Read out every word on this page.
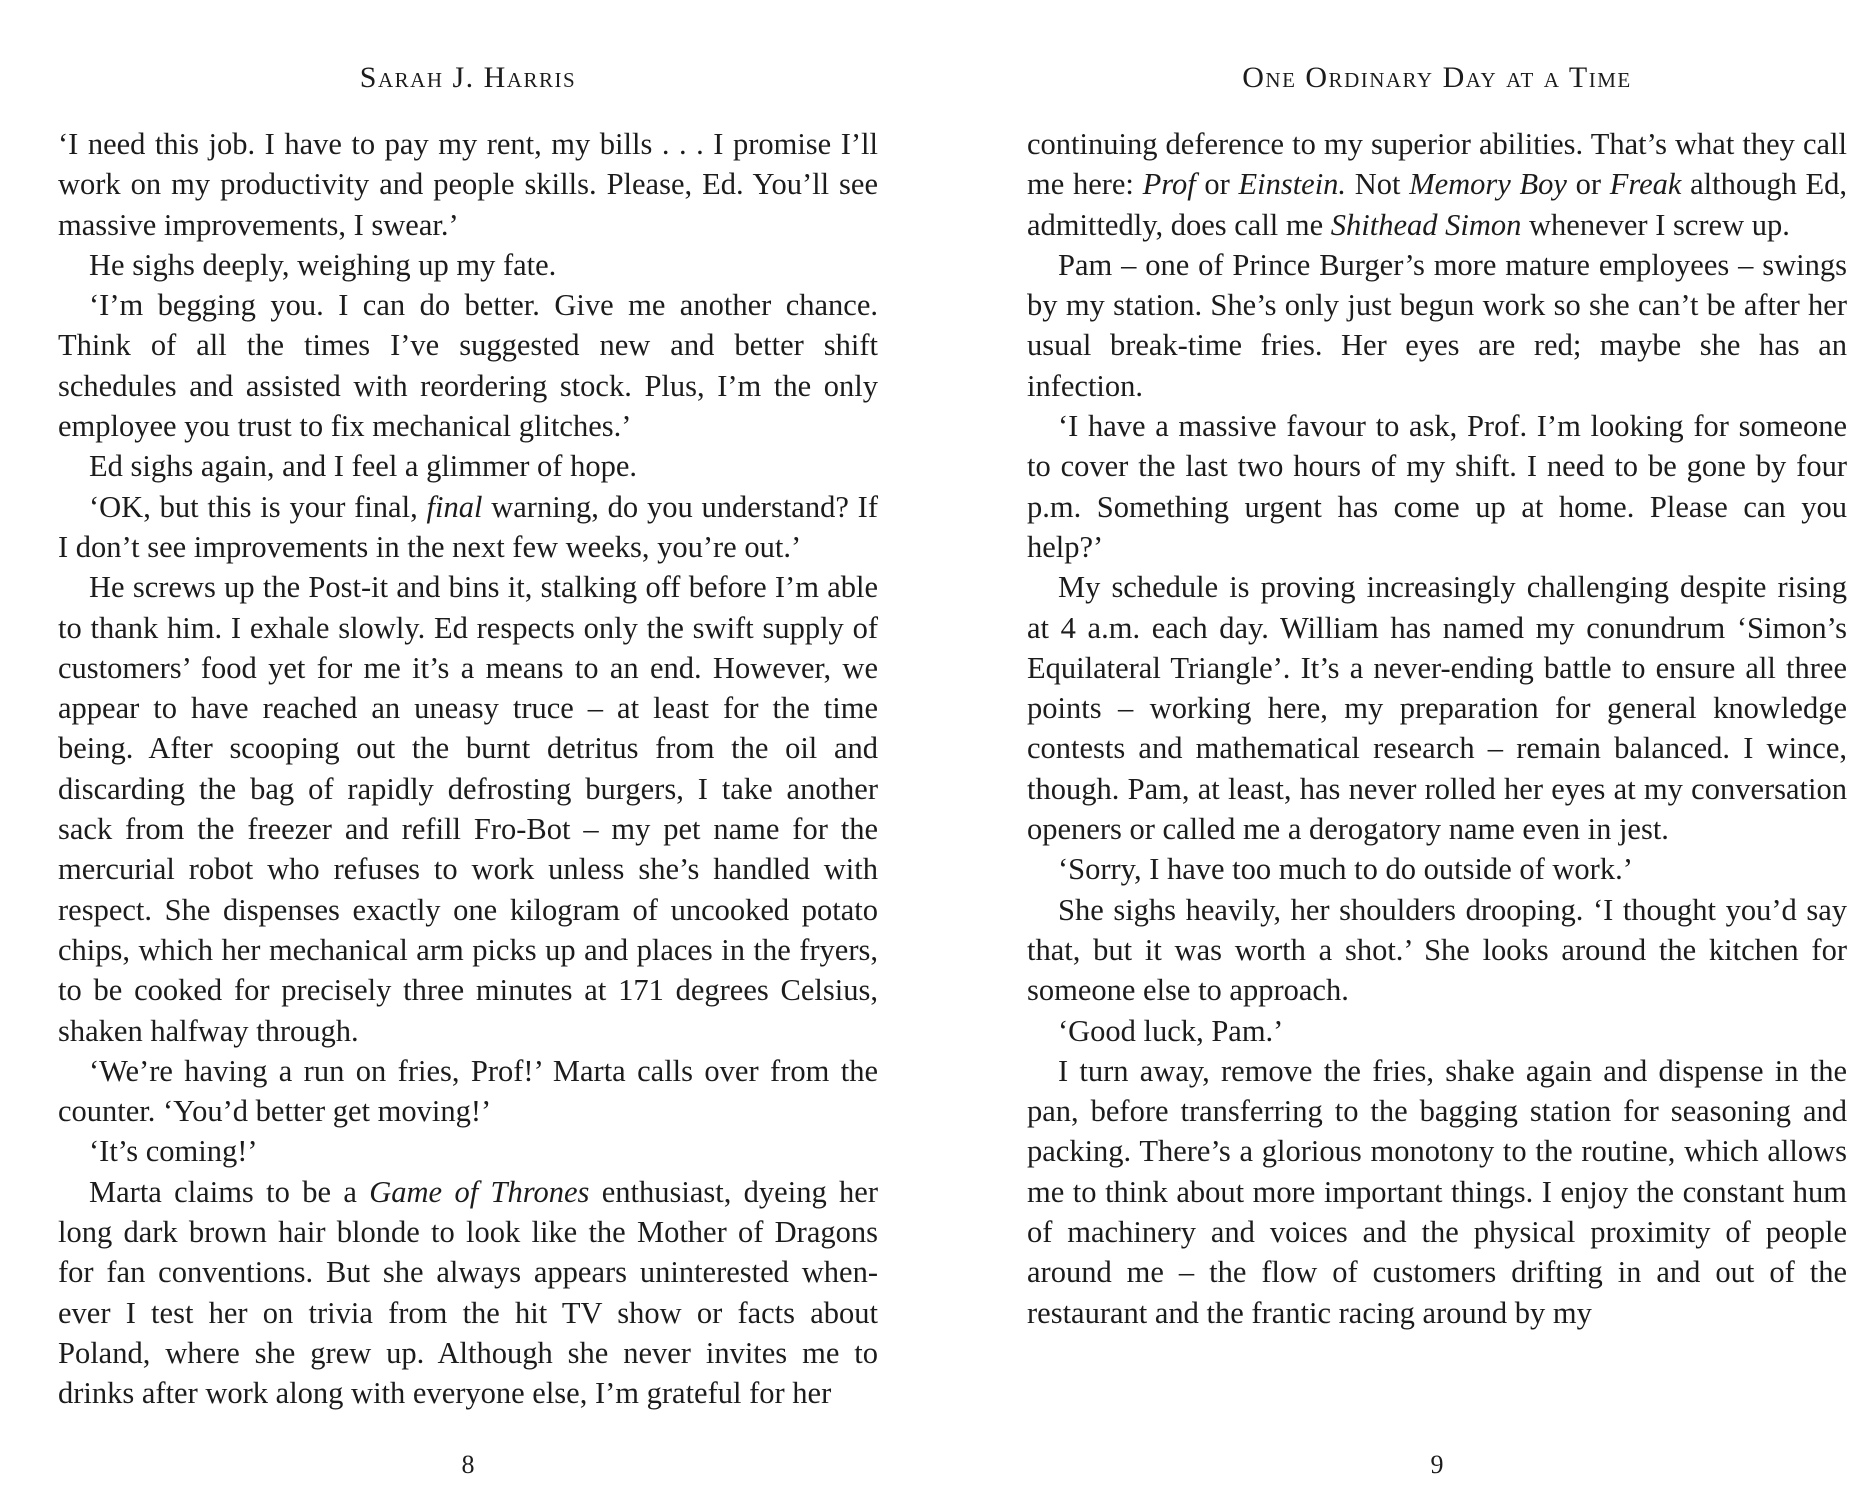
Sarah J. Harris

‘I need this job. I have to pay my rent, my bills . . . I promise I’ll work on my productivity and people skills. Please, Ed. You’ll see massive improvements, I swear.’

He sighs deeply, weighing up my fate.

‘I’m begging you. I can do better. Give me another chance. Think of all the times I’ve suggested new and better shift schedules and assisted with reordering stock. Plus, I’m the only employee you trust to fix mechanical glitches.’

Ed sighs again, and I feel a glimmer of hope.

‘OK, but this is your final, final warning, do you understand? If I don’t see improvements in the next few weeks, you’re out.’

He screws up the Post-it and bins it, stalking off before I’m able to thank him. I exhale slowly. Ed respects only the swift supply of customers’ food yet for me it’s a means to an end. However, we appear to have reached an uneasy truce – at least for the time being. After scooping out the burnt detritus from the oil and discarding the bag of rapidly defrosting burgers, I take another sack from the freezer and refill Fro-Bot – my pet name for the mercurial robot who refuses to work unless she’s handled with respect. She dispenses exactly one kilogram of uncooked potato chips, which her mechanical arm picks up and places in the fryers, to be cooked for precisely three minutes at 171 degrees Celsius, shaken halfway through.

‘We’re having a run on fries, Prof!’ Marta calls over from the counter. ‘You’d better get moving!’

‘It’s coming!’

Marta claims to be a Game of Thrones enthusiast, dyeing her long dark brown hair blonde to look like the Mother of Dragons for fan conventions. But she always appears uninterested whenever I test her on trivia from the hit TV show or facts about Poland, where she grew up. Although she never invites me to drinks after work along with everyone else, I’m grateful for her

8
One Ordinary Day at a Time

continuing deference to my superior abilities. That’s what they call me here: Prof or Einstein. Not Memory Boy or Freak although Ed, admittedly, does call me Shithead Simon whenever I screw up.

Pam – one of Prince Burger’s more mature employees – swings by my station. She’s only just begun work so she can’t be after her usual break-time fries. Her eyes are red; maybe she has an infection.

‘I have a massive favour to ask, Prof. I’m looking for someone to cover the last two hours of my shift. I need to be gone by four p.m. Something urgent has come up at home. Please can you help?’

My schedule is proving increasingly challenging despite rising at 4 a.m. each day. William has named my conundrum ‘Simon’s Equilateral Triangle’. It’s a never-ending battle to ensure all three points – working here, my preparation for general knowledge contests and mathematical research – remain balanced. I wince, though. Pam, at least, has never rolled her eyes at my conversation openers or called me a derogatory name even in jest.

‘Sorry, I have too much to do outside of work.’

She sighs heavily, her shoulders drooping. ‘I thought you’d say that, but it was worth a shot.’ She looks around the kitchen for someone else to approach.

‘Good luck, Pam.’

I turn away, remove the fries, shake again and dispense in the pan, before transferring to the bagging station for seasoning and packing. There’s a glorious monotony to the routine, which allows me to think about more important things. I enjoy the constant hum of machinery and voices and the physical proximity of people around me – the flow of customers drifting in and out of the restaurant and the frantic racing around by my

9
